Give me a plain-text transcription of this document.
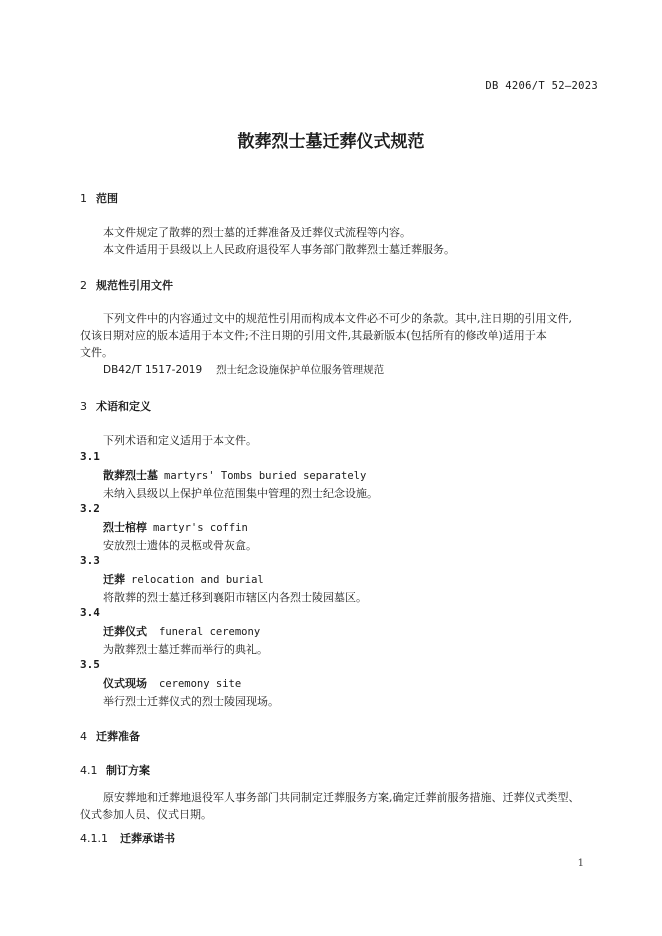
DB 4206/T 52—2023
散葬烈士墓迁葬仪式规范
1 范围
本文件规定了散葬的烈士墓的迁葬准备及迁葬仪式流程等内容。
本文件适用于县级以上人民政府退役军人事务部门散葬烈士墓迁葬服务。
2 规范性引用文件
下列文件中的内容通过文中的规范性引用而构成本文件必不可少的条款。其中,注日期的引用文件,
仅该日期对应的版本适用于本文件;不注日期的引用文件,其最新版本(包括所有的修改单)适用于本
文件。
DB42/T 1517-2019 烈士纪念设施保护单位服务管理规范
3 术语和定义
下列术语和定义适用于本文件。
3.1
散葬烈士墓 martyrs' Tombs buried separately
未纳入县级以上保护单位范围集中管理的烈士纪念设施。
3.2
烈士棺椁 martyr's coffin
安放烈士遗体的灵柩或骨灰盒。
3.3
迁葬 relocation and burial
将散葬的烈士墓迁移到襄阳市辖区内各烈士陵园墓区。
3.4
迁葬仪式 funeral ceremony
为散葬烈士墓迁葬而举行的典礼。
3.5
仪式现场 ceremony site
举行烈士迁葬仪式的烈士陵园现场。
4 迁葬准备
4.1 制订方案
原安葬地和迁葬地退役军人事务部门共同制定迁葬服务方案,确定迁葬前服务措施、迁葬仪式类型、
仪式参加人员、仪式日期。
4.1.1 迁葬承诺书
1
